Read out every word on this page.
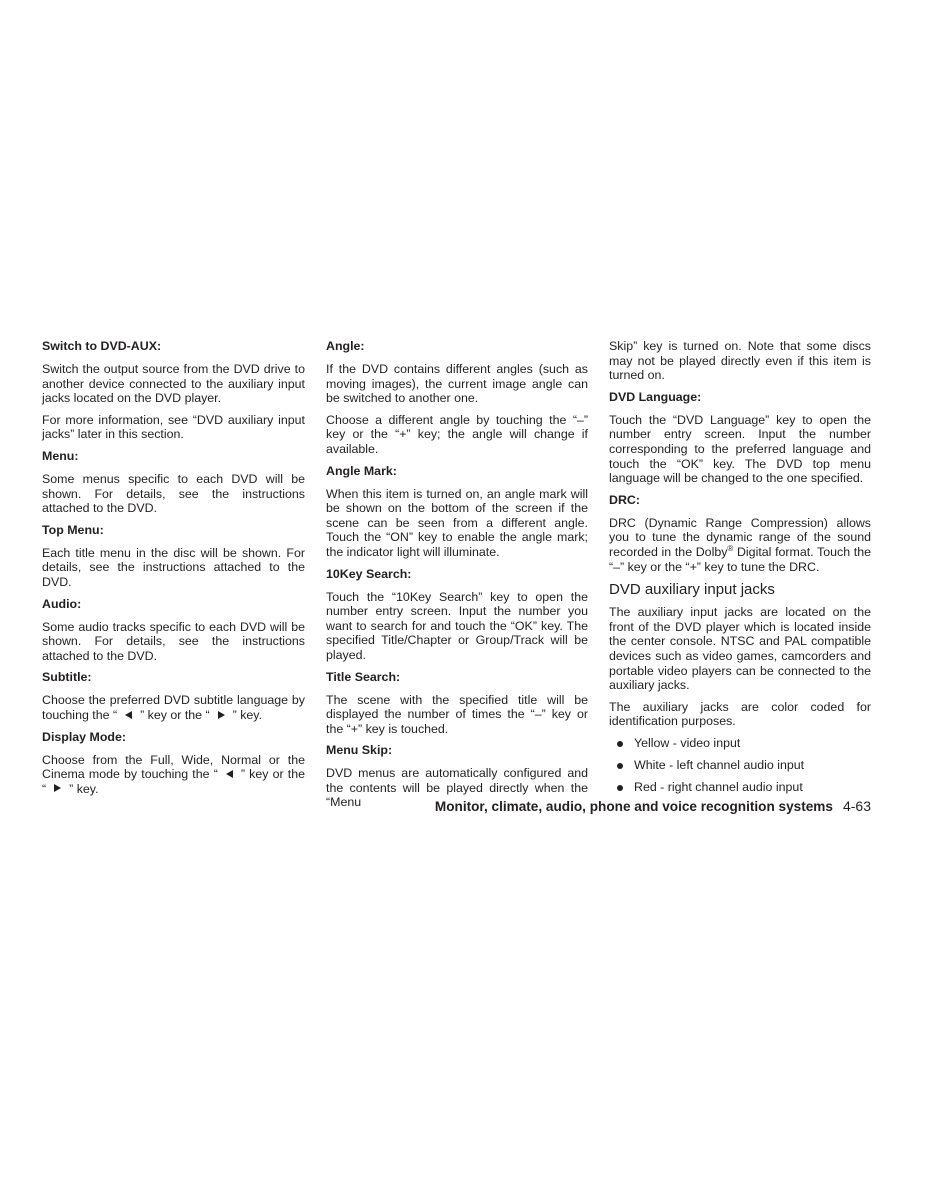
Switch to DVD-AUX:

Switch the output source from the DVD drive to another device connected to the auxiliary input jacks located on the DVD player.

For more information, see “DVD auxiliary input jacks” later in this section.

Menu:

Some menus specific to each DVD will be shown. For details, see the instructions attached to the DVD.

Top Menu:

Each title menu in the disc will be shown. For details, see the instructions attached to the DVD.

Audio:

Some audio tracks specific to each DVD will be shown. For details, see the instructions attached to the DVD.

Subtitle:

Choose the preferred DVD subtitle language by touching the “ ” key or the “ ” key.

Display Mode:

Choose from the Full, Wide, Normal or the Cinema mode by touching the “ ” key or the “ ” key.

Angle:

If the DVD contains different angles (such as moving images), the current image angle can be switched to another one.

Choose a different angle by touching the “–” key or the “+” key; the angle will change if available.

Angle Mark:

When this item is turned on, an angle mark will be shown on the bottom of the screen if the scene can be seen from a different angle. Touch the “ON” key to enable the angle mark; the indicator light will illuminate.

10Key Search:

Touch the “10Key Search” key to open the number entry screen. Input the number you want to search for and touch the “OK” key. The specified Title/Chapter or Group/Track will be played.

Title Search:

The scene with the specified title will be displayed the number of times the “–” key or the “+” key is touched.

Menu Skip:

DVD menus are automatically configured and the contents will be played directly when the “Menu

Skip” key is turned on. Note that some discs may not be played directly even if this item is turned on.

DVD Language:

Touch the “DVD Language” key to open the number entry screen. Input the number corresponding to the preferred language and touch the “OK” key. The DVD top menu language will be changed to the one specified.

DRC:

DRC (Dynamic Range Compression) allows you to tune the dynamic range of the sound recorded in the Dolby® Digital format. Touch the “–” key or the “+” key to tune the DRC.

DVD auxiliary input jacks

The auxiliary input jacks are located on the front of the DVD player which is located inside the center console. NTSC and PAL compatible devices such as video games, camcorders and portable video players can be connected to the auxiliary jacks.

The auxiliary jacks are color coded for identification purposes.

Yellow - video input
White - left channel audio input
Red - right channel audio input
Monitor, climate, audio, phone and voice recognition systems 4-63
